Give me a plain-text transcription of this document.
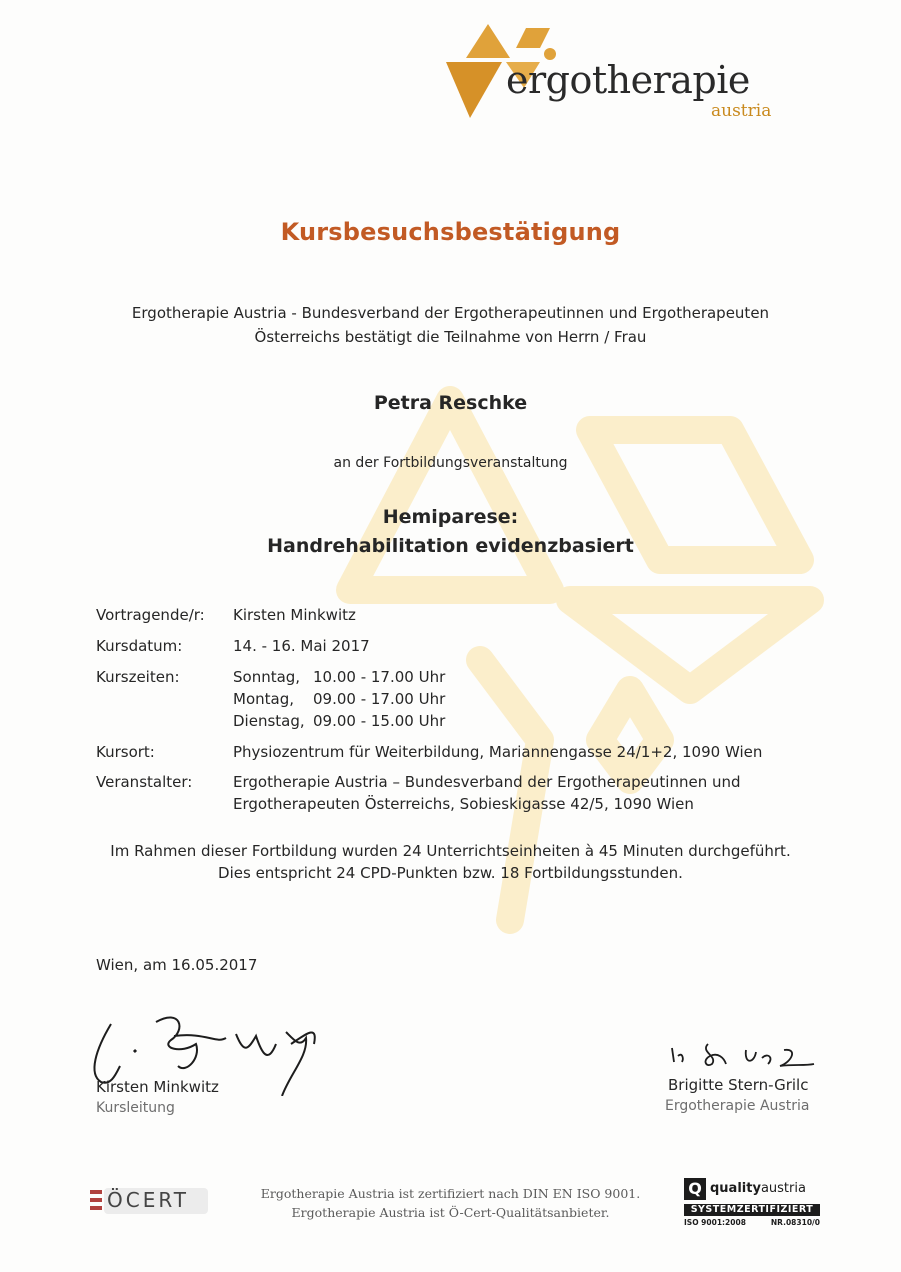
ergotherapie
austria
Kursbesuchsbestätigung
Ergotherapie Austria - Bundesverband der Ergotherapeutinnen und Ergotherapeuten
Österreichs bestätigt die Teilnahme von Herrn / Frau
Petra Reschke
an der Fortbildungsveranstaltung
Hemiparese:
Handrehabilitation evidenzbasiert
Vortragende/r: Kirsten Minkwitz
Kursdatum:	14. - 16. Mai 2017
Kurszeiten:	Sonntag, 10.00 - 17.00 Uhr
Montag, 09.00 - 17.00 Uhr
Dienstag, 09.00 - 15.00 Uhr
Kursort:	Physiozentrum für Weiterbildung, Mariannengasse 24/1+2, 1090 Wien
Veranstalter:	Ergotherapie Austria – Bundesverband der Ergotherapeutinnen und
Ergotherapeuten Österreichs, Sobieskigasse 42/5, 1090 Wien
Im Rahmen dieser Fortbildung wurden 24 Unterrichtseinheiten à 45 Minuten durchgeführt.
Dies entspricht 24 CPD-Punkten bzw. 18 Fortbildungsstunden.
Wien, am 16.05.2017
Kirsten Minkwitz
Kursleitung
Brigitte Stern-Grilc
Ergotherapie Austria
ÖCERT	Ergotherapie Austria ist zertifiziert nach DIN EN ISO 9001.
Ergotherapie Austria ist Ö-Cert-Qualitätsanbieter.
Q qualityaustria
SYSTEMZERTIFIZIERT
ISO 9001:2008	NR.08310/0
